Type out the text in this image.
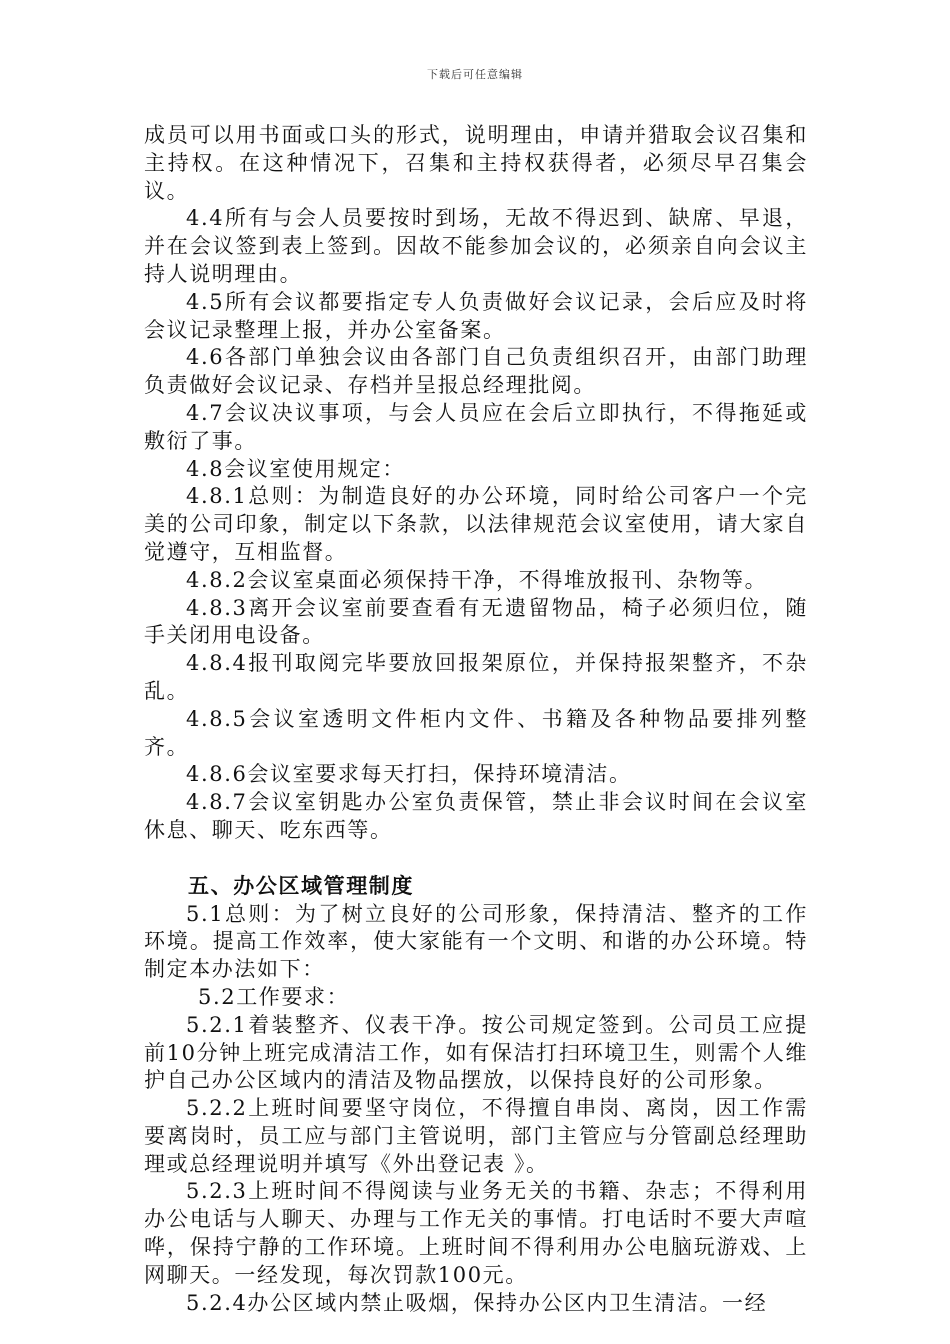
下载后可任意编辑

成员可以用书面或口头的形式，说明理由，申请并猎取会议召集和主持权。在这种情况下，召集和主持权获得者，必须尽早召集会议。

4.4所有与会人员要按时到场，无故不得迟到、缺席、早退，并在会议签到表上签到。因故不能参加会议的，必须亲自向会议主持人说明理由。

4.5所有会议都要指定专人负责做好会议记录，会后应及时将会议记录整理上报，并办公室备案。

4.6各部门单独会议由各部门自己负责组织召开，由部门助理负责做好会议记录、存档并呈报总经理批阅。

4.7会议决议事项，与会人员应在会后立即执行，不得拖延或敷衍了事。

4.8会议室使用规定：

4.8.1总则：为制造良好的办公环境，同时给公司客户一个完美的公司印象，制定以下条款，以法律规范会议室使用，请大家自觉遵守，互相监督。

4.8.2会议室桌面必须保持干净，不得堆放报刊、杂物等。

4.8.3离开会议室前要查看有无遗留物品，椅子必须归位，随手关闭用电设备。

4.8.4报刊取阅完毕要放回报架原位，并保持报架整齐，不杂乱。

4.8.5会议室透明文件柜内文件、书籍及各种物品要排列整齐。

4.8.6会议室要求每天打扫，保持环境清洁。

4.8.7会议室钥匙办公室负责保管，禁止非会议时间在会议室休息、聊天、吃东西等。

五、办公区域管理制度

5.1总则：为了树立良好的公司形象，保持清洁、整齐的工作环境。提高工作效率，使大家能有一个文明、和谐的办公环境。特制定本办法如下：

5.2工作要求：

5.2.1着装整齐、仪表干净。按公司规定签到。公司员工应提前10分钟上班完成清洁工作，如有保洁打扫环境卫生，则需个人维护自己办公区域内的清洁及物品摆放，以保持良好的公司形象。

5.2.2上班时间要坚守岗位，不得擅自串岗、离岗，因工作需要离岗时，员工应与部门主管说明，部门主管应与分管副总经理助理或总经理说明并填写《外出登记表 》。

5.2.3上班时间不得阅读与业务无关的书籍、杂志；不得利用办公电话与人聊天、办理与工作无关的事情。打电话时不要大声喧哗，保持宁静的工作环境。上班时间不得利用办公电脑玩游戏、上网聊天。一经发现，每次罚款100元。

5.2.4办公区域内禁止吸烟，保持办公区内卫生清洁。一经
